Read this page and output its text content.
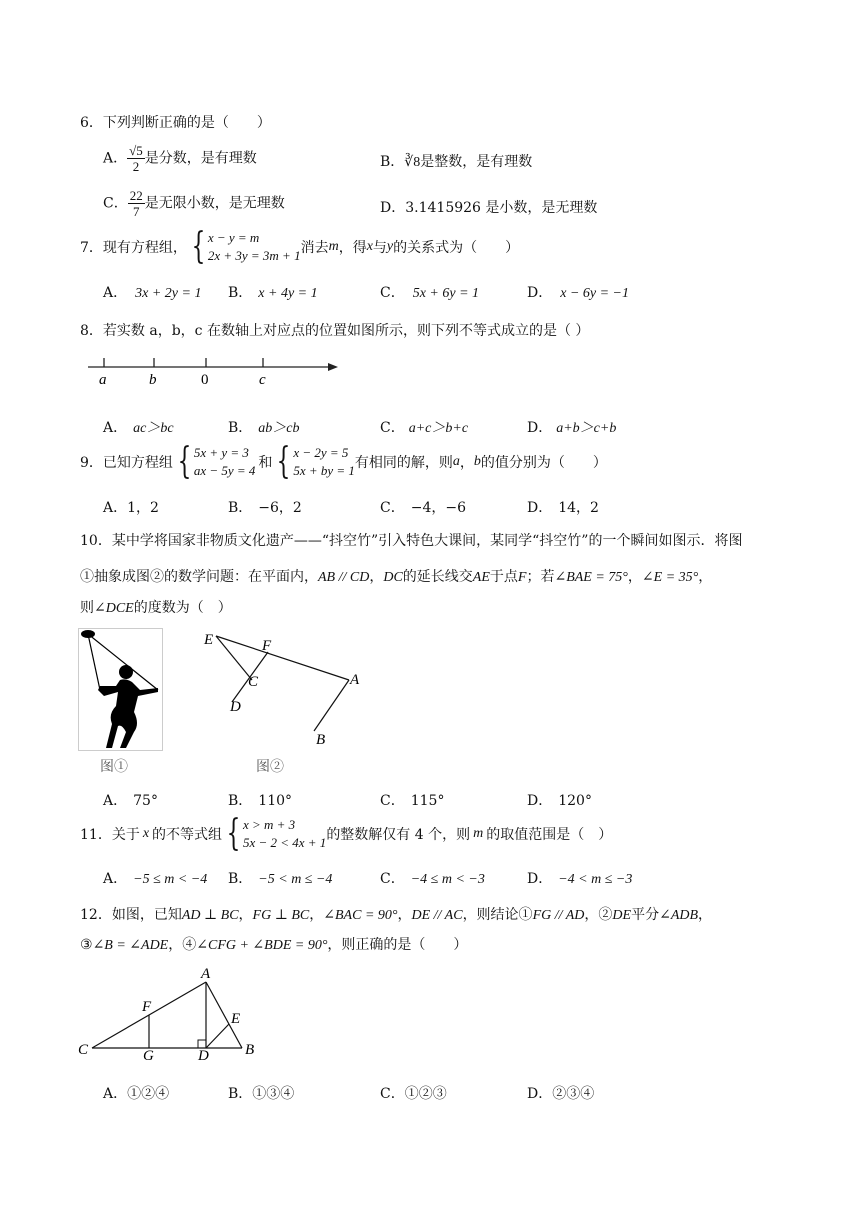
6．下列判断正确的是（　　）
A． $\frac{√5}{2}$ 是分数，是有理数	B．∛8是整数，是有理数
C． $\frac{22}{7}$ 是无限小数，是无理数	D．3.1415926 是小数，是无理数
7．现有方程组， { x − y = m
2x + 3y = 3m + 1 消去 m ，得 x 与 y 的关系式为（　　）
A． 3x + 2y = 1 B． x + 4y = 1	C． 5x + 6y = 1	D． x − 6y = −1
8．若实数 a，b，c 在数轴上对应点的位置如图所示，则下列不等式成立的是（ ）
a	b	0	c
A． ac＞bc	B． ab＞cb	C． a+c＞b+c	D． a+b＞c+b
9．已知方程组 { 5x + y = 3
ax − 5y = 4 和 { x − 2y = 5
5x + by = 1 有相同的解，则 a ， b 的值分别为（　　）
A．1，2	B． −6，2	C． −4，−6	D． 14，2
10．某中学将国家非物质文化遗产——“抖空竹”引入特色大课间，某同学“抖空竹”的一个瞬间如图示．将图
①抽象成图②的数学问题：在平面内，AB // CD，DC的延长线交AE于点F；若∠BAE = 75°，∠E = 35°，
则∠DCE的度数为（　）
图①
E	F
C	A
D
B
图②
A． 75°	B． 110°	C． 115°	D． 120°
11．关于 x 的不等式组 { x > m + 3
5x − 2 < 4x + 1 的整数解仅有 4 个，则 m 的取值范围是（　）
A． −5 ≤ m < −4 B． −5 < m ≤ −4	C． −4 ≤ m < −3	D． −4 < m ≤ −3
12．如图，已知AD ⊥ BC，FG ⊥ BC，∠BAC = 90°，DE // AC，则结论①FG // AD，②DE平分∠ADB，
③∠B = ∠ADE，④∠CFG + ∠BDE = 90°，则正确的是（　　）
A
F
E
C	G	D B
A．①②④	B．①③④	C．①②③	D．②③④
